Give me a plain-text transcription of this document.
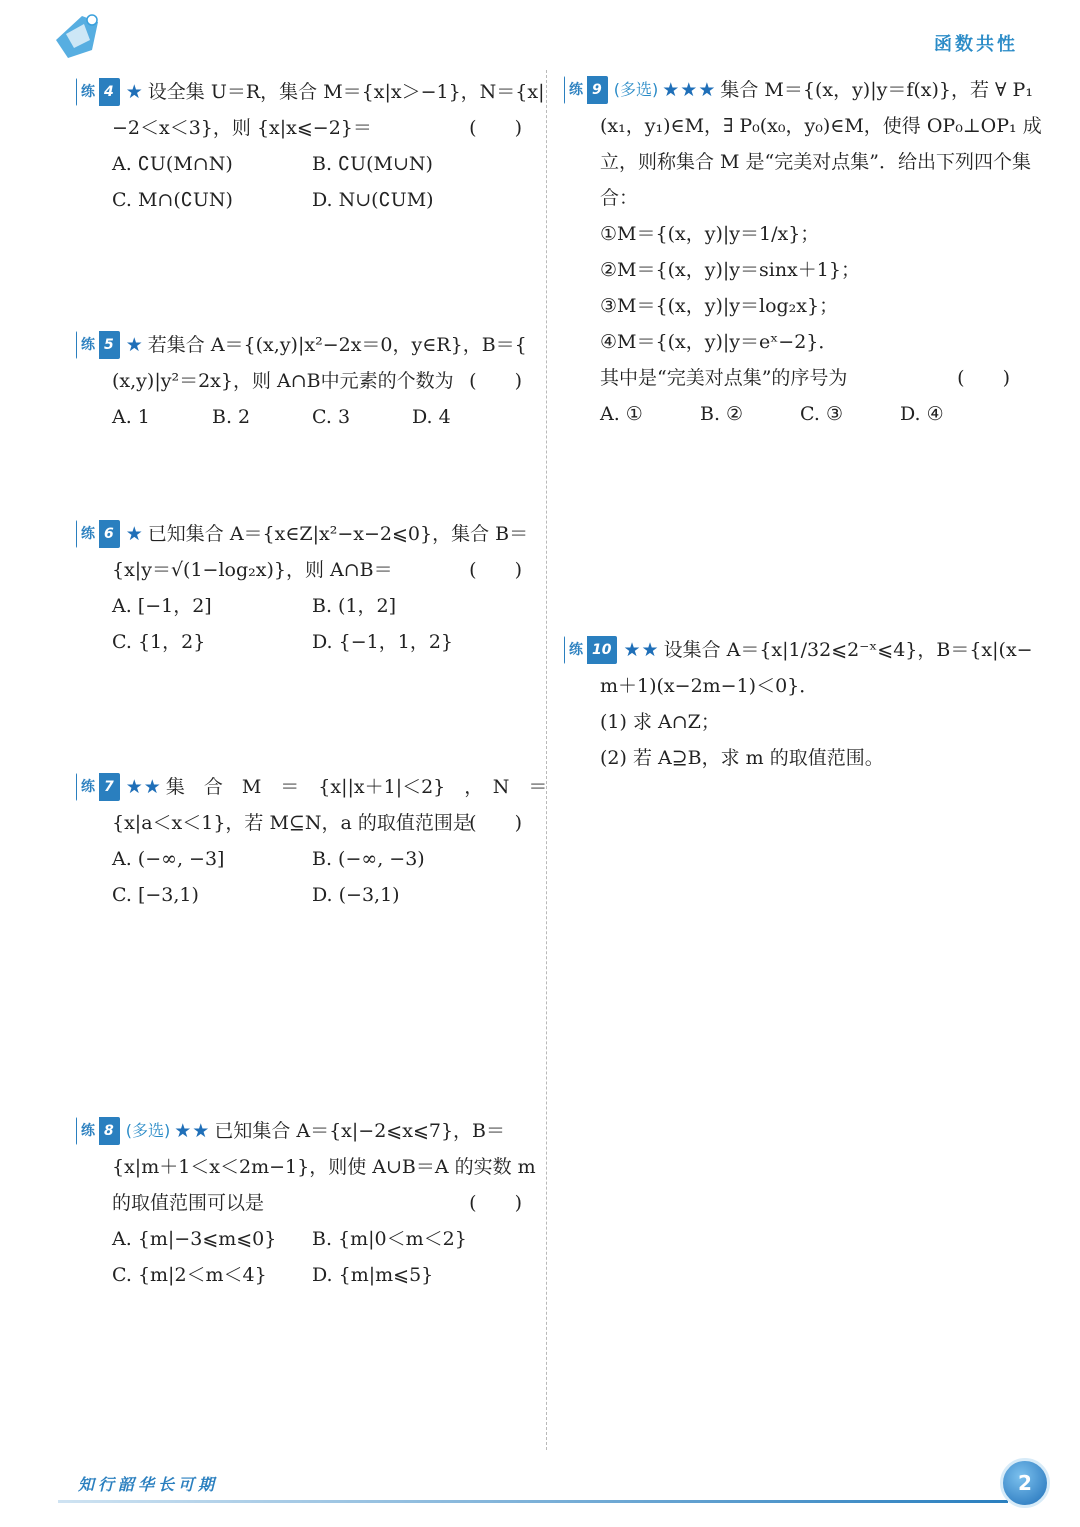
函数共性
练 4 ★ 设全集 U＝R，集合 M＝{x|x＞−1}，N＝{x|
−2＜x＜3}，则 {x|x⩽−2}＝	(　　)
A. ∁U(M∩N)	B. ∁U(M∪N)
C. M∩(∁UN)	D. N∪(∁UM)
练 5 ★ 若集合 A＝{(x,y)|x²−2x＝0，y∈R}，B＝{
(x,y)|y²＝2x}，则 A∩B中元素的个数为 (　　)
A. 1	B. 2	C. 3	D. 4
练 6 ★ 已知集合 A＝{x∈Z|x²−x−2⩽0}，集合 B＝
{x|y＝√(1−log₂x)}，则 A∩B＝	(　　)
A. [−1，2]	B. (1，2]
C. {1，2}	D. {−1，1，2}
练 7 ★★ 集　合　M　＝　{x||x＋1|＜2}　，　N　＝
{x|a＜x＜1}，若 M⊆N，a 的取值范围是
(　　)
A. (−∞, −3]	B. (−∞, −3)
C. [−3,1)	D. (−3,1)
练 8 (多选) ★★ 已知集合 A＝{x|−2⩽x⩽7}，B＝
{x|m＋1＜x＜2m−1}，则使 A∪B＝A 的实数 m
的取值范围可以是	(　　)
A. {m|−3⩽m⩽0}	B. {m|0＜m＜2}
C. {m|2＜m＜4}	D. {m|m⩽5}
练 9 (多选) ★★★ 集合 M＝{(x，y)|y＝f(x)}，若 ∀ P₁
(x₁，y₁)∈M，∃ P₀(x₀，y₀)∈M，使得 OP₀⊥OP₁ 成
立，则称集合 M 是“完美对点集”．给出下列四个集
合：
①M＝{(x，y)|y＝1/x}；
②M＝{(x，y)|y＝sinx＋1}；
③M＝{(x，y)|y＝log₂x}；
④M＝{(x，y)|y＝eˣ−2}．
其中是“完美对点集”的序号为	(　　)
A. ①	B. ②	C. ③	D. ④
练 10 ★★ 设集合 A＝{x|1/32⩽2⁻ˣ⩽4}，B＝{x|(x−
m＋1)(x−2m−1)＜0}．
(1) 求 A∩Z；
(2) 若 A⊇B，求 m 的取值范围。
知行韶华长可期	2
